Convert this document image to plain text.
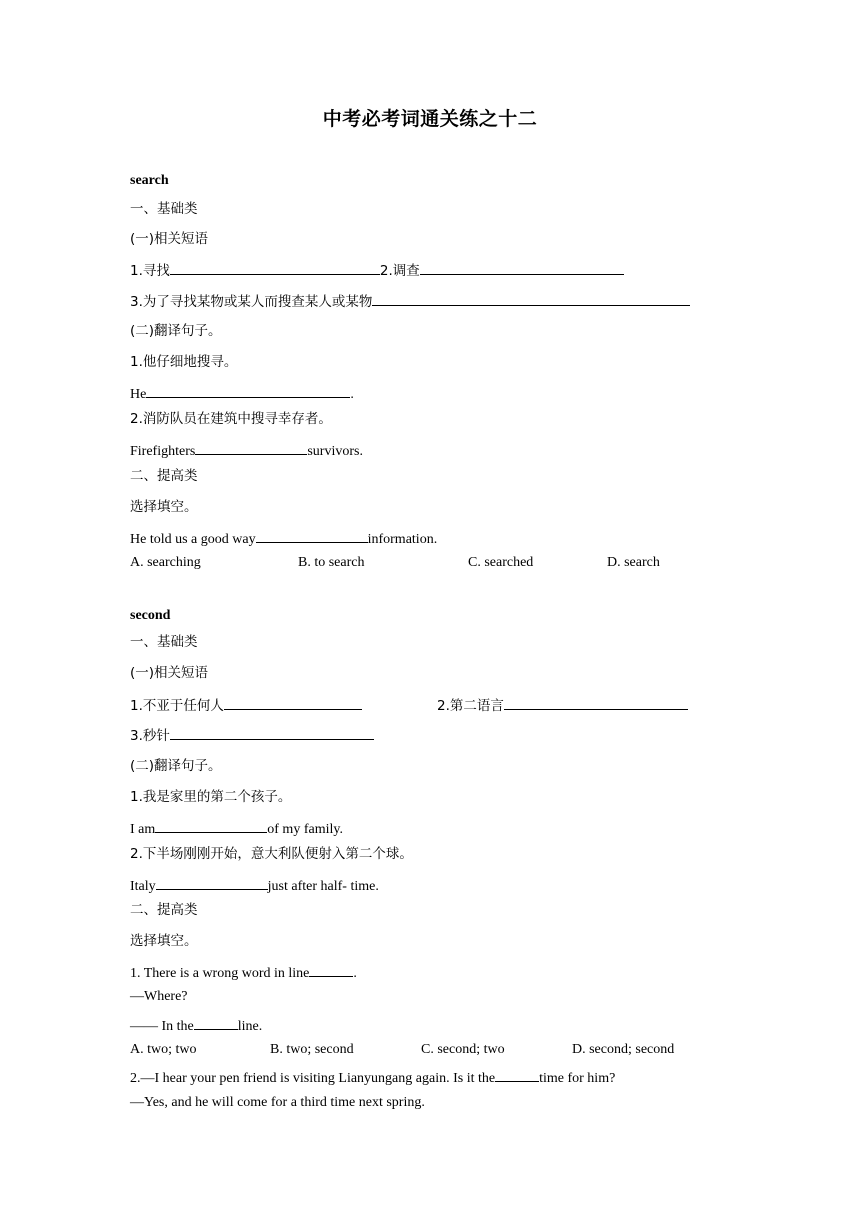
中考必考词通关练之十二
search
一、基础类
(一)相关短语
1.寻找	2.调查
3.为了寻找某物或某人而搜查某人或某物
(二)翻译句子。
1.他仔细地搜寻。
He	.
2.消防队员在建筑中搜寻幸存者。
Firefighters	survivors.
二、提高类
选择填空。
He told us a good way	information.
A. searching	B. to search	C. searched	D. search
second
一、基础类
(一)相关短语
1.不亚于任何人	2.第二语言
3.秒针
(二)翻译句子。
1.我是家里的第二个孩子。
I am	of my family.
2.下半场刚刚开始，意大利队便射入第二个球。
Italy	just after half- time.
二、提高类
选择填空。
1. There is a wrong word in line	.
—Where?
—— In the	line.
A. two; two	B. two; second	C. second; two	D. second; second
2.—I hear your pen friend is visiting Lianyungang again. Is it the	time for him?
—Yes, and he will come for a third time next spring.
